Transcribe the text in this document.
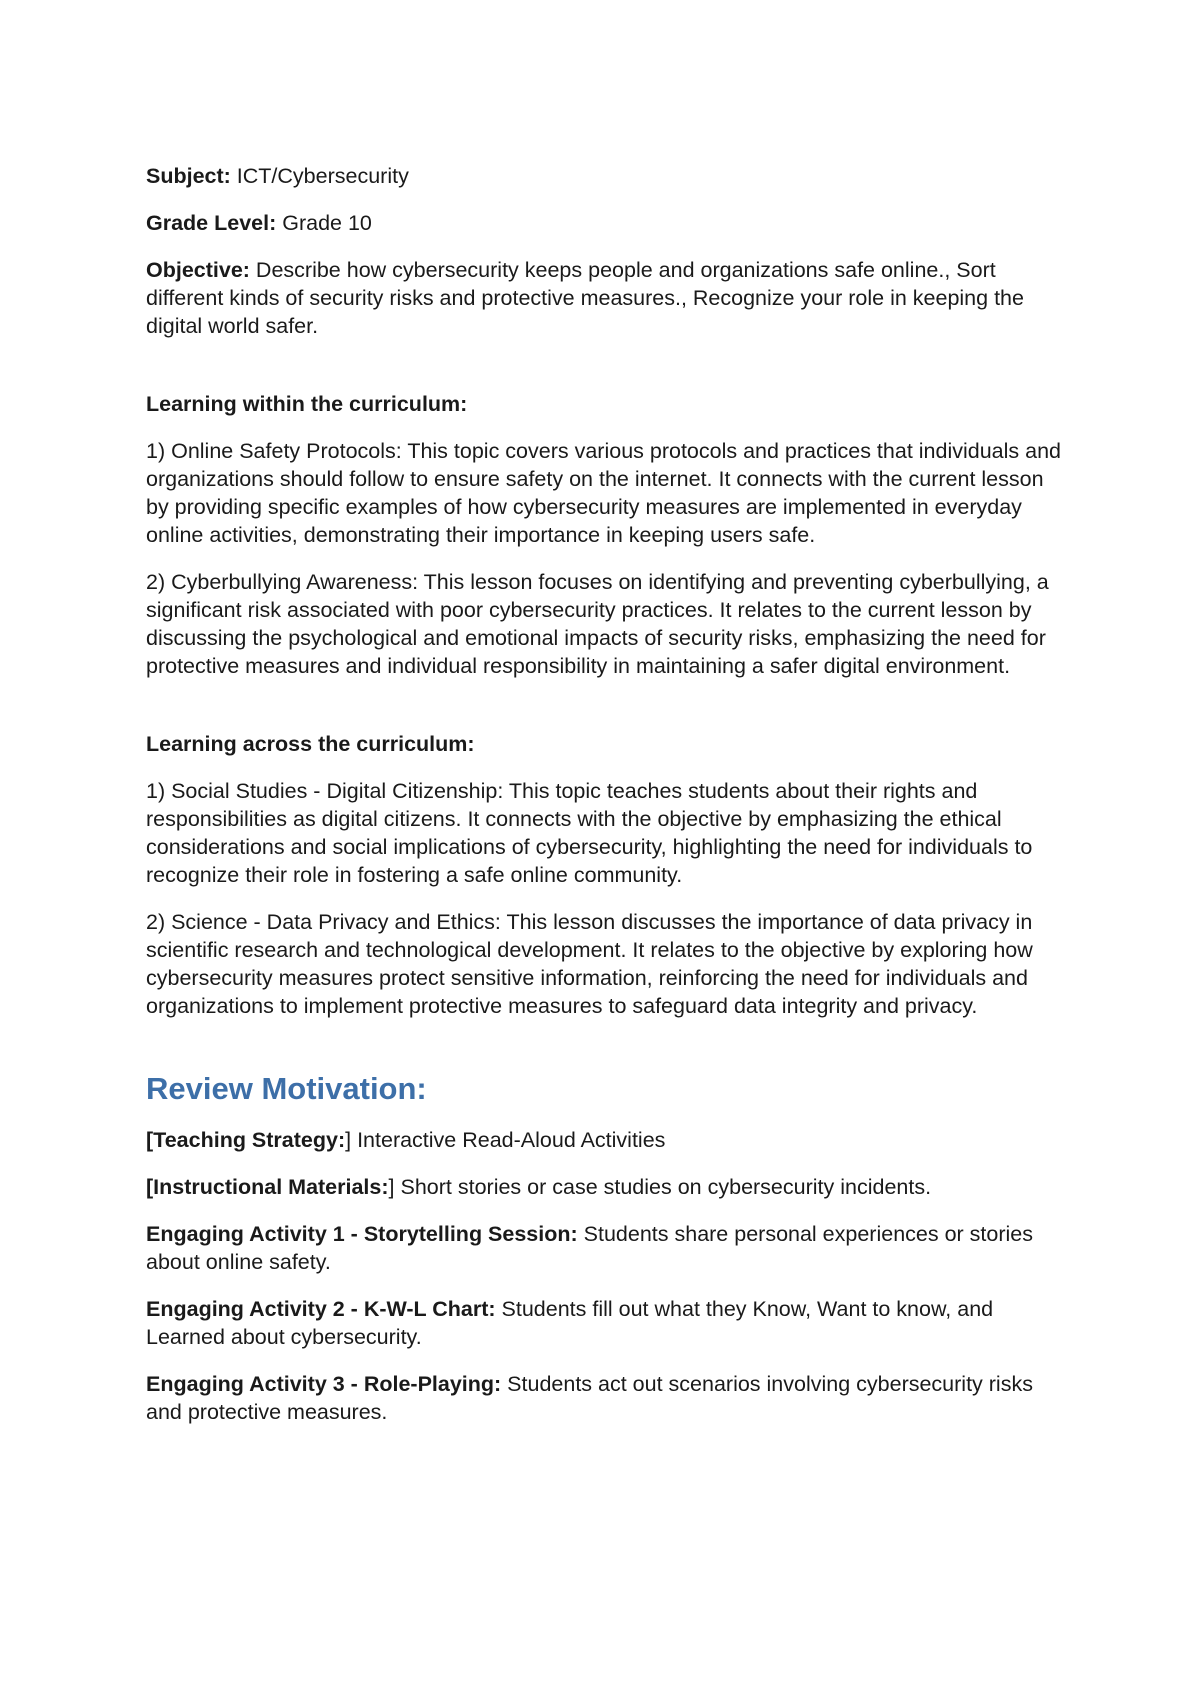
Subject: ICT/Cybersecurity

Grade Level: Grade 10

Objective: Describe how cybersecurity keeps people and organizations safe online., Sort different kinds of security risks and protective measures., Recognize your role in keeping the digital world safer.

Learning within the curriculum:

1) Online Safety Protocols: This topic covers various protocols and practices that individuals and organizations should follow to ensure safety on the internet. It connects with the current lesson by providing specific examples of how cybersecurity measures are implemented in everyday online activities, demonstrating their importance in keeping users safe.

2) Cyberbullying Awareness: This lesson focuses on identifying and preventing cyberbullying, a significant risk associated with poor cybersecurity practices. It relates to the current lesson by discussing the psychological and emotional impacts of security risks, emphasizing the need for protective measures and individual responsibility in maintaining a safer digital environment.

Learning across the curriculum:

1) Social Studies - Digital Citizenship: This topic teaches students about their rights and responsibilities as digital citizens. It connects with the objective by emphasizing the ethical considerations and social implications of cybersecurity, highlighting the need for individuals to recognize their role in fostering a safe online community.

2) Science - Data Privacy and Ethics: This lesson discusses the importance of data privacy in scientific research and technological development. It relates to the objective by exploring how cybersecurity measures protect sensitive information, reinforcing the need for individuals and organizations to implement protective measures to safeguard data integrity and privacy.

Review Motivation:

[Teaching Strategy:] Interactive Read-Aloud Activities

[Instructional Materials:] Short stories or case studies on cybersecurity incidents.

Engaging Activity 1 - Storytelling Session: Students share personal experiences or stories about online safety.

Engaging Activity 2 - K-W-L Chart: Students fill out what they Know, Want to know, and Learned about cybersecurity.

Engaging Activity 3 - Role-Playing: Students act out scenarios involving cybersecurity risks and protective measures.
